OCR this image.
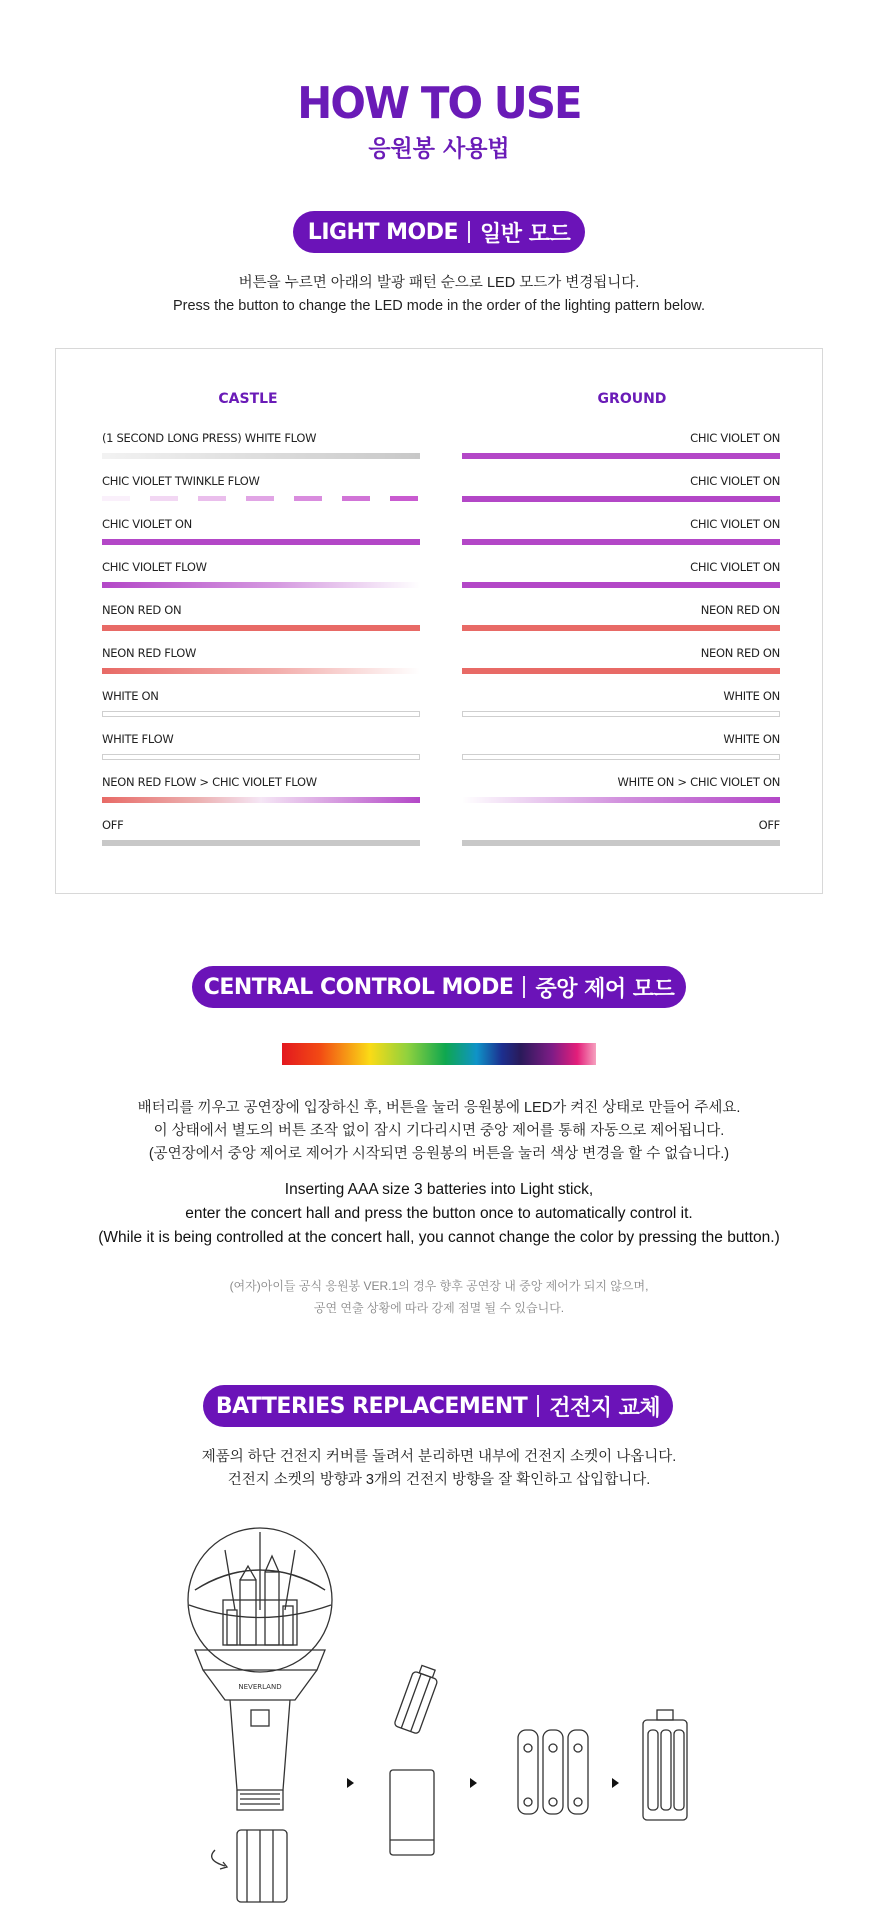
HOW TO USE
응원봉 사용법
LIGHT MODE 일반 모드
버튼을 누르면 아래의 발광 패턴 순으로 LED 모드가 변경됩니다.
Press the button to change the LED mode in the order of the lighting pattern below.
CASTLE	GROUND
(1 SECOND LONG PRESS) WHITE FLOW
CHIC VIOLET TWINKLE FLOW
CHIC VIOLET ON
CHIC VIOLET FLOW
NEON RED ON
NEON RED FLOW
WHITE ON
WHITE FLOW
NEON RED FLOW > CHIC VIOLET FLOW
OFF
CHIC VIOLET ON
CHIC VIOLET ON
CHIC VIOLET ON
CHIC VIOLET ON
NEON RED ON
NEON RED ON
WHITE ON
WHITE ON
WHITE ON > CHIC VIOLET ON
OFF
CENTRAL CONTROL MODE 중앙 제어 모드
배터리를 끼우고 공연장에 입장하신 후, 버튼을 눌러 응원봉에 LED가 켜진 상태로 만들어 주세요.
이 상태에서 별도의 버튼 조작 없이 잠시 기다리시면 중앙 제어를 통해 자동으로 제어됩니다.
(공연장에서 중앙 제어로 제어가 시작되면 응원봉의 버튼을 눌러 색상 변경을 할 수 없습니다.)
Inserting AAA size 3 batteries into Light stick,
enter the concert hall and press the button once to automatically control it.
(While it is being controlled at the concert hall, you cannot change the color by pressing the button.)
(여자)아이들 공식 응원봉 VER.1의 경우 향후 공연장 내 중앙 제어가 되지 않으며,
공연 연출 상황에 따라 강제 점멸 될 수 있습니다.
BATTERIES REPLACEMENT 건전지 교체
제품의 하단 건전지 커버를 돌려서 분리하면 내부에 건전지 소켓이 나옵니다.
건전지 소켓의 방향과 3개의 건전지 방향을 잘 확인하고 삽입합니다.
NEVERLAND
